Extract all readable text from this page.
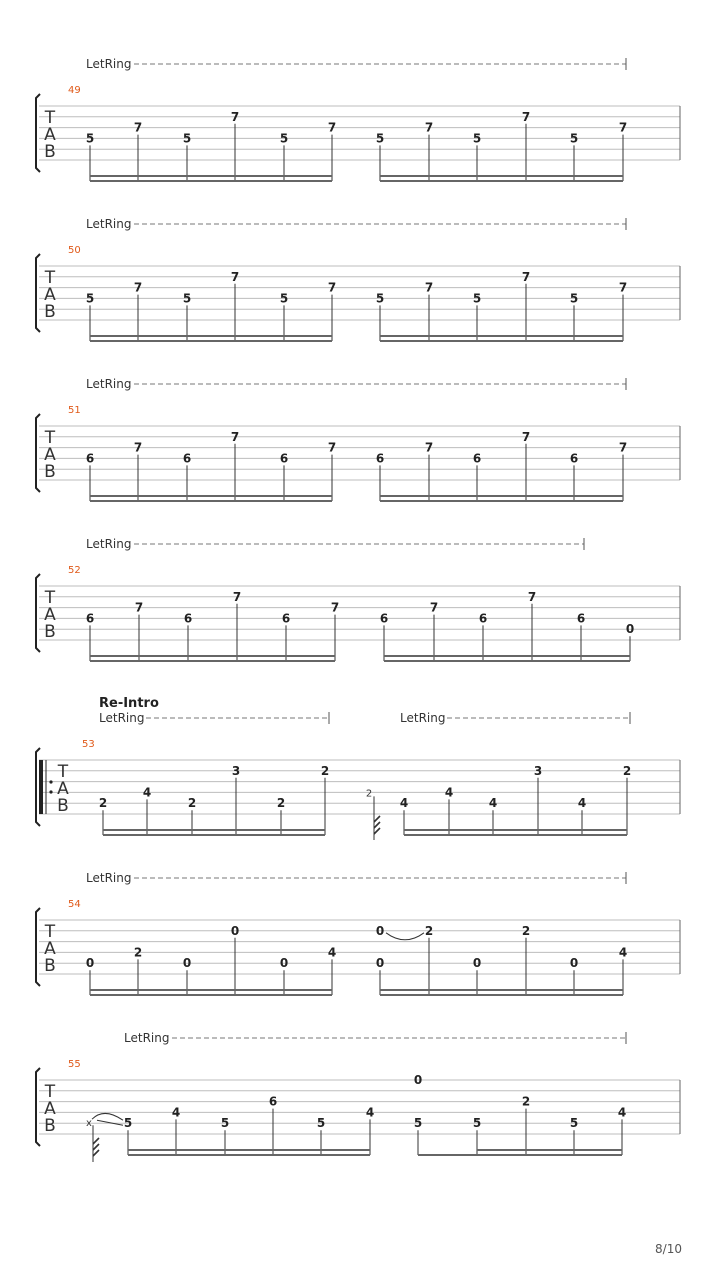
T
A
B
49
LetRing
5
7
5
7
5
7
5
7
5
7
5
7
T
A
B
50
LetRing
5
7
5
7
5
7
5
7
5
7
5
7
T
A
B
51
LetRing
6
7
6
7
6
7
6
7
6
7
6
7
T
A
B
52
LetRing
6
7
6
7
6
7
6
7
6
7
6
0
T
A
B
53
Re-Intro
LetRing	LetRing
2
4
2
3
2
2
4
4
4
3
4
2
2
T
A
B
54
LetRing
0
2
0
0
0
4
0
0	2
0
2
0
4
T
A
B
55
LetRing
5
4
5
6
5
4
5
0
5
2
5
4
x
8/10
